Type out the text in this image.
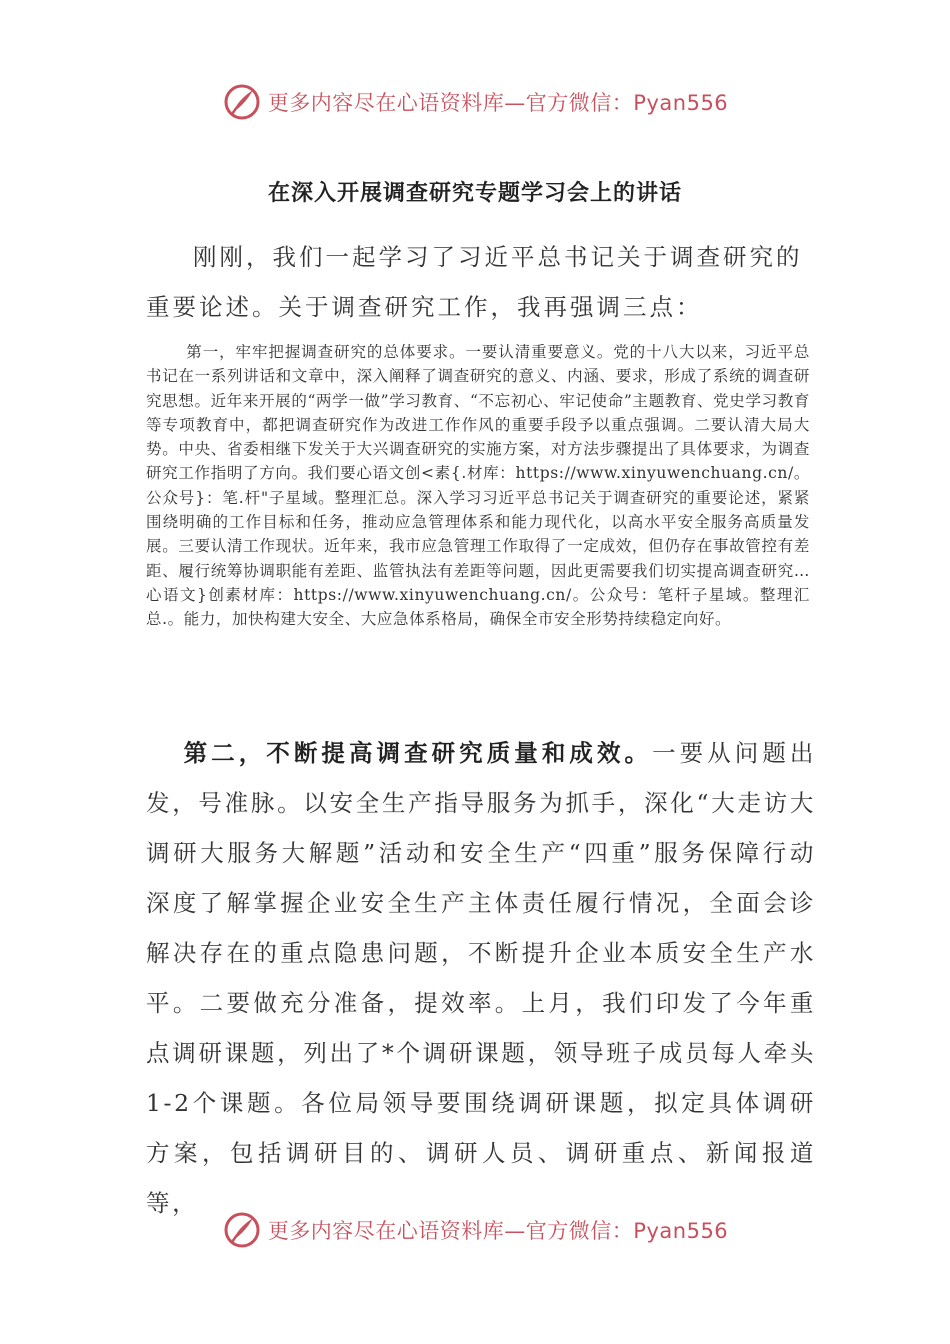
更多内容尽在心语资料库—官方微信：Pyan556
在深入开展调查研究专题学习会上的讲话

刚刚，我们一起学习了习近平总书记关于调查研究的重要论述。关于调查研究工作，我再强调三点：

第一，牢牢把握调查研究的总体要求。一要认清重要意义。党的十八大以来，习近平总书记在一系列讲话和文章中，深入阐释了调查研究的意义、内涵、要求，形成了系统的调查研究思想。近年来开展的“两学一做”学习教育、“不忘初心、牢记使命”主题教育、党史学习教育等专项教育中，都把调查研究作为改进工作作风的重要手段予以重点强调。二要认清大局大势。中央、省委相继下发关于大兴调查研究的实施方案，对方法步骤提出了具体要求，为调查研究工作指明了方向。我们要心语文创<素{.材库：https://www.xinyuwenchuang.cn/。公众号}：笔.杆"子星域。整理汇总。深入学习习近平总书记关于调查研究的重要论述，紧紧围绕明确的工作目标和任务，推动应急管理体系和能力现代化，以高水平安全服务高质量发展。三要认清工作现状。近年来，我市应急管理工作取得了一定成效，但仍存在事故管控有差距、履行统筹协调职能有差距、监管执法有差距等问题，因此更需要我们切实提高调查研究…心语文}创素材库：https://www.xinyuwenchuang.cn/。公众号：笔杆子星域。整理汇总.。能力，加快构建大安全、大应急体系格局，确保全市安全形势持续稳定向好。

第二，不断提高调查研究质量和成效。一要从问题出发，号准脉。以安全生产指导服务为抓手，深化“大走访大调研大服务大解题”活动和安全生产“四重”服务保障行动深度了解掌握企业安全生产主体责任履行情况，全面会诊解决存在的重点隐患问题，不断提升企业本质安全生产水平。二要做充分准备，提效率。上月，我们印发了今年重点调研课题，列出了*个调研课题，领导班子成员每人牵头1-2个课题。各位局领导要围绕调研课题，拟定具体调研方案，包括调研目的、调研人员、调研重点、新闻报道等，

更多内容尽在心语资料库—官方微信：Pyan556
